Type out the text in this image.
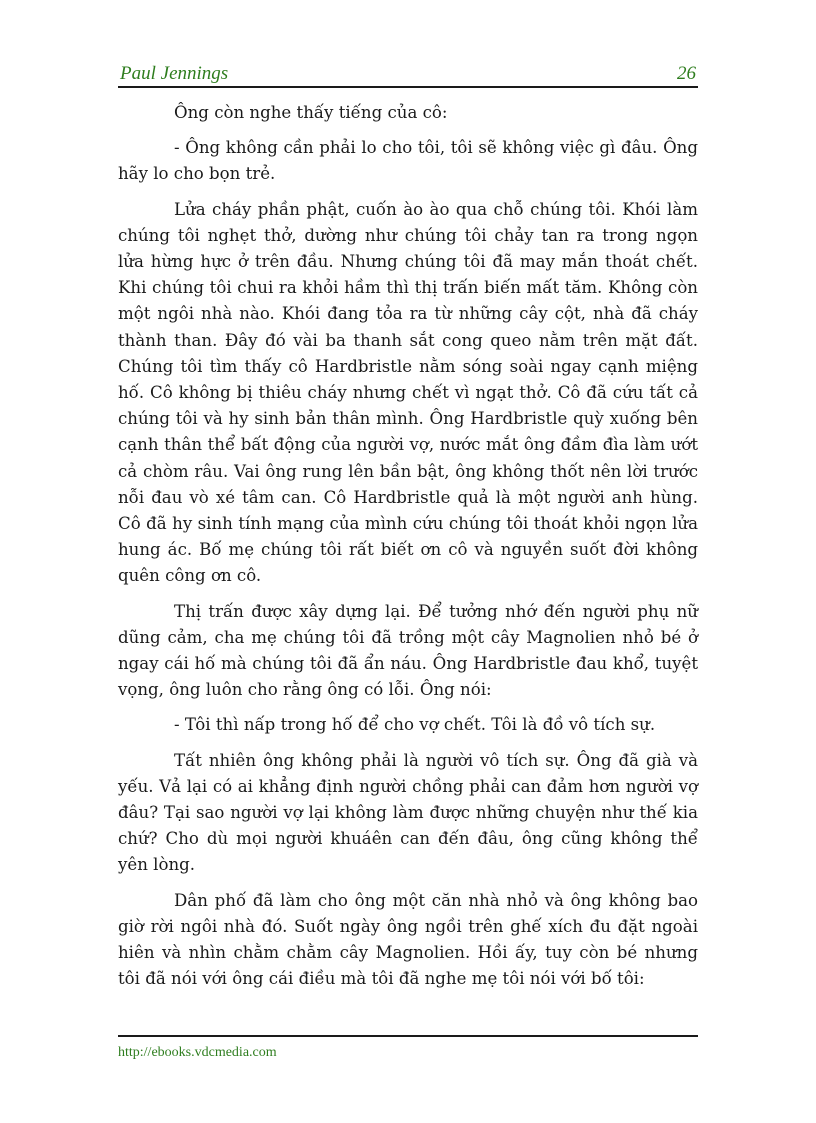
Paul Jennings	26

Ông còn nghe thấy tiếng của cô:

- Ông không cần phải lo cho tôi, tôi sẽ không việc gì đâu. Ông hãy lo cho bọn trẻ.

Lửa cháy phần phật, cuốn ào ào qua chỗ chúng tôi. Khói làm chúng tôi nghẹt thở, dường như chúng tôi chảy tan ra trong ngọn lửa hừng hực ở trên đầu. Nhưng chúng tôi đã may mắn thoát chết. Khi chúng tôi chui ra khỏi hầm thì thị trấn biến mất tăm. Không còn một ngôi nhà nào. Khói đang tỏa ra từ những cây cột, nhà đã cháy thành than. Đây đó vài ba thanh sắt cong queo nằm trên mặt đất. Chúng tôi tìm thấy cô Hardbristle nằm sóng soài ngay cạnh miệng hố. Cô không bị thiêu cháy nhưng chết vì ngạt thở. Cô đã cứu tất cả chúng tôi và hy sinh bản thân mình. Ông Hardbristle quỳ xuống bên cạnh thân thể bất động của người vợ, nước mắt ông đầm đìa làm ướt cả chòm râu. Vai ông rung lên bần bật, ông không thốt nên lời trước nỗi đau vò xé tâm can. Cô Hardbristle quả là một người anh hùng. Cô đã hy sinh tính mạng của mình cứu chúng tôi thoát khỏi ngọn lửa hung ác. Bố mẹ chúng tôi rất biết ơn cô và nguyền suốt đời không quên công ơn cô.

Thị trấn được xây dựng lại. Để tưởng nhớ đến người phụ nữ dũng cảm, cha mẹ chúng tôi đã trồng một cây Magnolien nhỏ bé ở ngay cái hố mà chúng tôi đã ẩn náu. Ông Hardbristle đau khổ, tuyệt vọng, ông luôn cho rằng ông có lỗi. Ông nói:

- Tôi thì nấp trong hố để cho vợ chết. Tôi là đồ vô tích sự.

Tất nhiên ông không phải là người vô tích sự. Ông đã già và yếu. Vả lại có ai khẳng định người chồng phải can đảm hơn người vợ đâu? Tại sao người vợ lại không làm được những chuyện như thế kia chứ? Cho dù mọi người khuáên can đến đâu, ông cũng không thể yên lòng.

Dân phố đã làm cho ông một căn nhà nhỏ và ông không bao giờ rời ngôi nhà đó. Suốt ngày ông ngồi trên ghế xích đu đặt ngoài hiên và nhìn chằm chằm cây Magnolien. Hồi ấy, tuy còn bé nhưng tôi đã nói với ông cái điều mà tôi đã nghe mẹ tôi nói với bố tôi:

http://ebooks.vdcmedia.com
